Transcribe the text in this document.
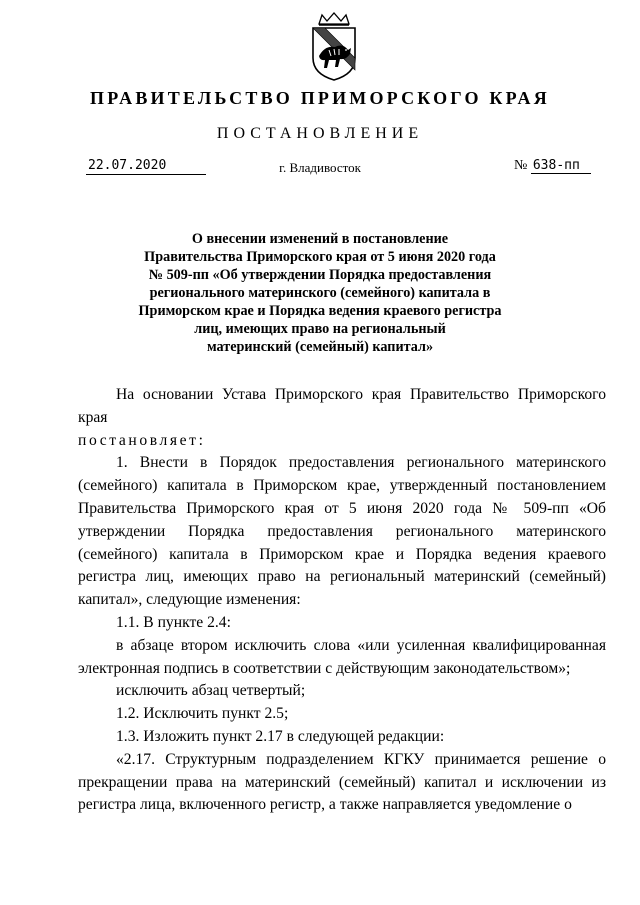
ПРАВИТЕЛЬСТВО ПРИМОРСКОГО КРАЯ
ПОСТАНОВЛЕНИЕ
22.07.2020	г. Владивосток	№ 638-пп
О внесении изменений в постановление
Правительства Приморского края от 5 июня 2020 года
№ 509-пп «Об утверждении Порядка предоставления
регионального материнского (семейного) капитала в
Приморском крае и Порядка ведения краевого регистра
лиц, имеющих право на региональный
материнский (семейный) капитал»

На основании Устава Приморского края Правительство Приморского края

постановляет:

1. Внести в Порядок предоставления регионального материнского (семейного) капитала в Приморском крае, утвержденный постановлением Правительства Приморского края от 5 июня 2020 года № 509-пп «Об утверждении Порядка предоставления регионального материнского (семейного) капитала в Приморском крае и Порядка ведения краевого регистра лиц, имеющих право на региональный материнский (семейный) капитал», следующие изменения:

1.1. В пункте 2.4:

в абзаце втором исключить слова «или усиленная квалифицированная электронная подпись в соответствии с действующим законодательством»;

исключить абзац четвертый;

1.2. Исключить пункт 2.5;

1.3. Изложить пункт 2.17 в следующей редакции:

«2.17. Структурным подразделением КГКУ принимается решение о прекращении права на материнский (семейный) капитал и исключении из регистра лица, включенного регистр, а также направляется уведомление о
